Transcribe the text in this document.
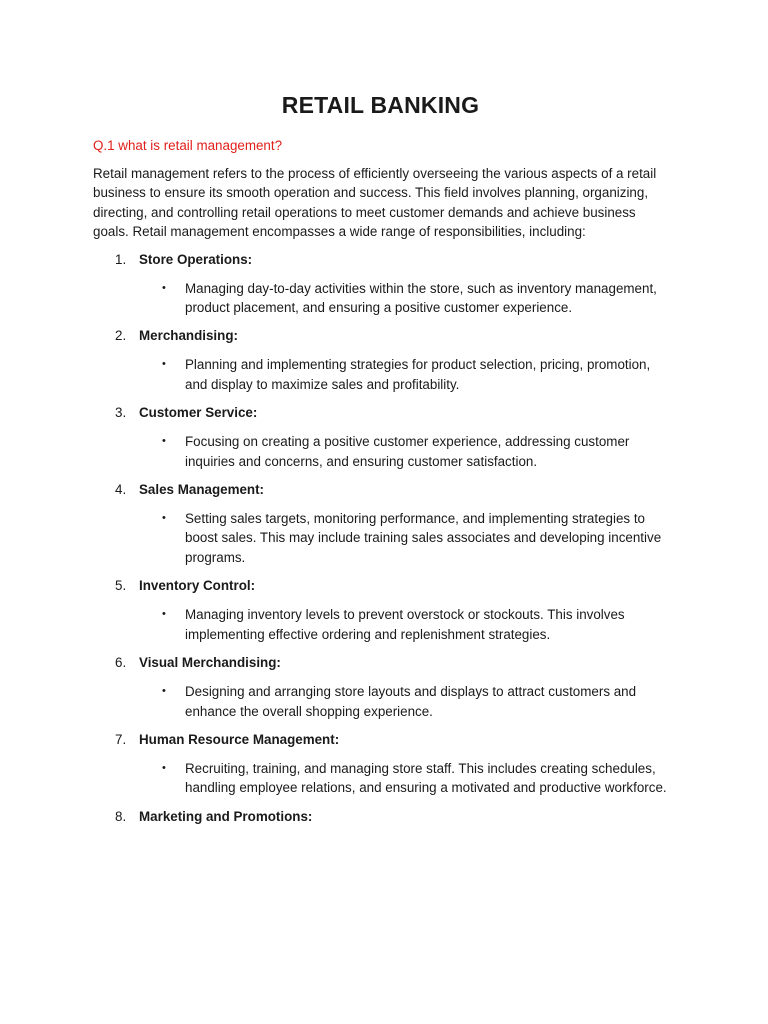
RETAIL BANKING
Q.1 what is retail management?

Retail management refers to the process of efficiently overseeing the various aspects of a retail business to ensure its smooth operation and success. This field involves planning, organizing, directing, and controlling retail operations to meet customer demands and achieve business goals. Retail management encompasses a wide range of responsibilities, including:

1. Store Operations:
•	Managing day-to-day activities within the store, such as inventory management, product placement, and ensuring a positive customer experience.
2. Merchandising:
•	Planning and implementing strategies for product selection, pricing, promotion, and display to maximize sales and profitability.
3. Customer Service:
•	Focusing on creating a positive customer experience, addressing customer inquiries and concerns, and ensuring customer satisfaction.
4. Sales Management:
•	Setting sales targets, monitoring performance, and implementing strategies to boost sales. This may include training sales associates and developing incentive programs.
5. Inventory Control:
•	Managing inventory levels to prevent overstock or stockouts. This involves implementing effective ordering and replenishment strategies.
6. Visual Merchandising:
•	Designing and arranging store layouts and displays to attract customers and enhance the overall shopping experience.
7. Human Resource Management:
•	Recruiting, training, and managing store staff. This includes creating schedules, handling employee relations, and ensuring a motivated and productive workforce.
8. Marketing and Promotions:
